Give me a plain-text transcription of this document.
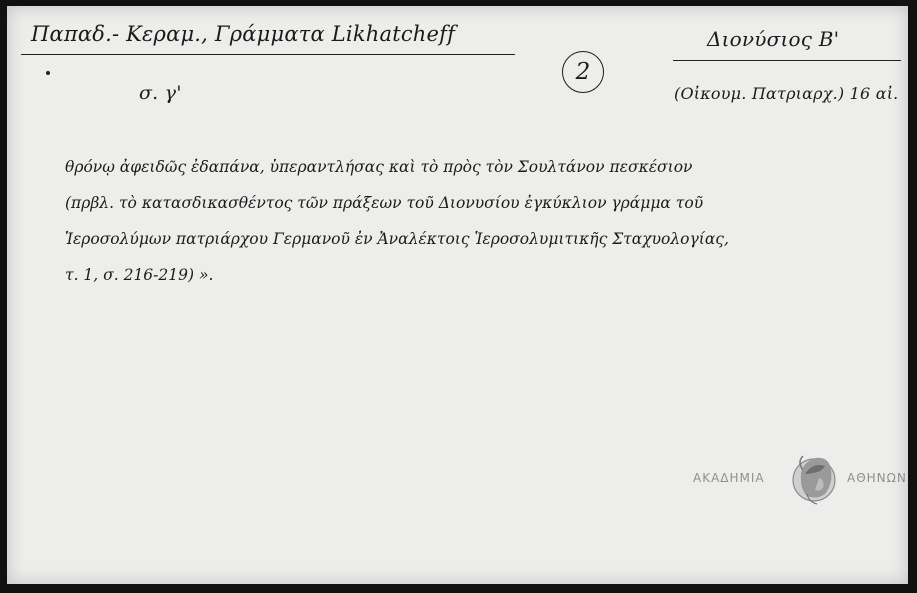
Παπαδ.- Κεραμ., Γράμματα Likhatcheff
σ. γ'
2
Διονύσιος Β'
(Οἰκουμ. Πατριαρχ.) 16 αἰ.
θρόνῳ ἀφειδῶς ἐδαπάνα, ὑπεραντλήσας καὶ τὸ πρὸς τὸν Σουλτάνον πεσκέσιον
(πρβλ. τὸ κατασδικασθέντος τῶν πράξεων τοῦ Διονυσίου ἐγκύκλιον γράμμα τοῦ
Ἱεροσολύμων πατριάρχου Γερμανοῦ ἐν Ἀναλέκτοις Ἱεροσολυμιτικῆς Σταχυολογίας,
τ. 1, σ. 216-219) ».
ΑΚΑΔΗΜΙΑ	ΑΘΗΝΩΝ
